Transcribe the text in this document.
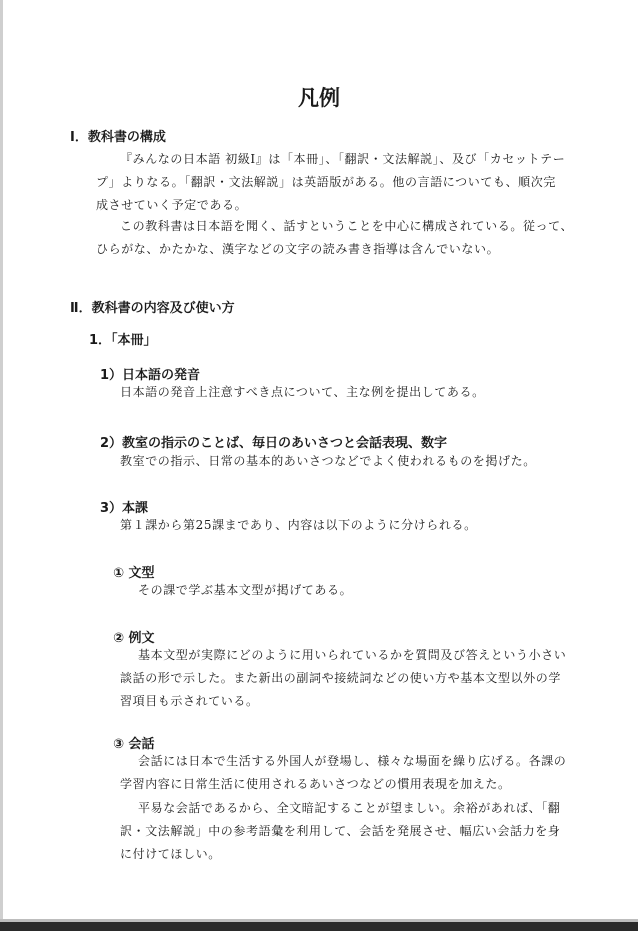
凡例
Ⅰ．教科書の構成
『みんなの日本語 初級Ⅰ』は「本冊」、「翻訳・文法解説」、及び「カセットテー
プ」よりなる。「翻訳・文法解説」は英語版がある。他の言語についても、順次完
成させていく予定である。
この教科書は日本語を聞く、話すということを中心に構成されている。従って、
ひらがな、かたかな、漢字などの文字の読み書き指導は含んでいない。
Ⅱ．教科書の内容及び使い方
1．「本冊」
1）日本語の発音
日本語の発音上注意すべき点について、主な例を提出してある。
2）教室の指示のことば、毎日のあいさつと会話表現、数字
教室での指示、日常の基本的あいさつなどでよく使われるものを掲げた。
3）本課
第１課から第25課まであり、内容は以下のように分けられる。
① 文型
その課で学ぶ基本文型が掲げてある。
② 例文
基本文型が実際にどのように用いられているかを質問及び答えという小さい
談話の形で示した。また新出の副詞や接続詞などの使い方や基本文型以外の学
習項目も示されている。
③ 会話
会話には日本で生活する外国人が登場し、様々な場面を繰り広げる。各課の
学習内容に日常生活に使用されるあいさつなどの慣用表現を加えた。
平易な会話であるから、全文暗記することが望ましい。余裕があれば、「翻
訳・文法解説」中の参考語彙を利用して、会話を発展させ、幅広い会話力を身
に付けてほしい。
